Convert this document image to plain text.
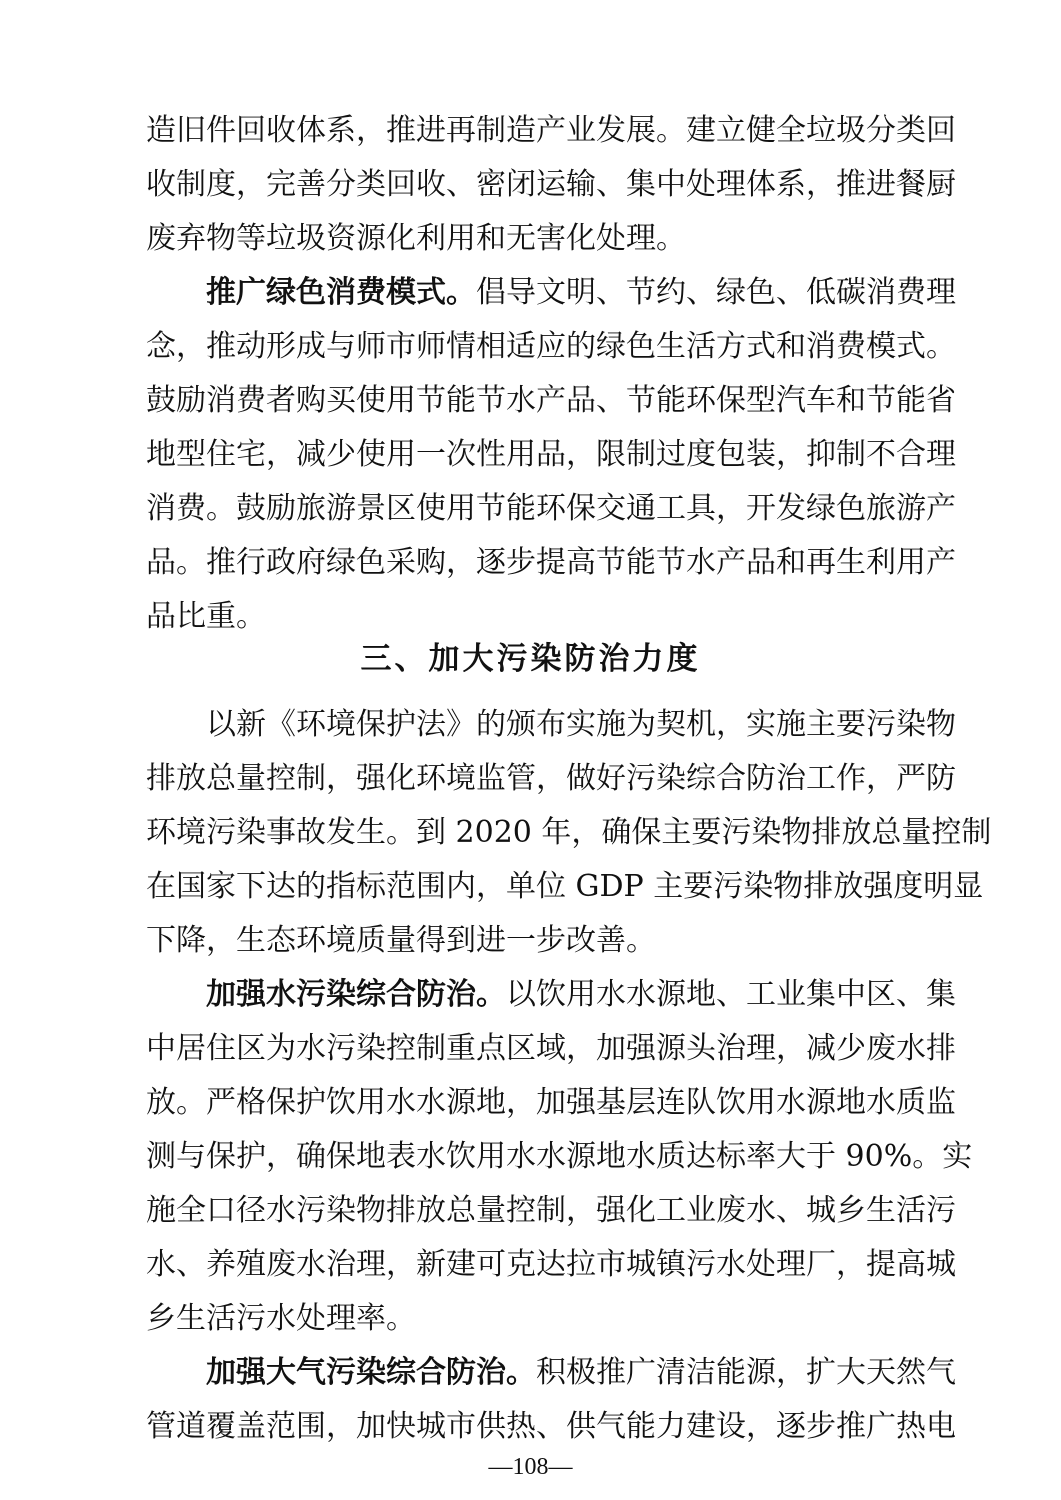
造旧件回收体系，推进再制造产业发展。建立健全垃圾分类回
收制度，完善分类回收、密闭运输、集中处理体系，推进餐厨
废弃物等垃圾资源化利用和无害化处理。
推广绿色消费模式。倡导文明、节约、绿色、低碳消费理
念，推动形成与师市师情相适应的绿色生活方式和消费模式。
鼓励消费者购买使用节能节水产品、节能环保型汽车和节能省
地型住宅，减少使用一次性用品，限制过度包装，抑制不合理
消费。鼓励旅游景区使用节能环保交通工具，开发绿色旅游产
品。推行政府绿色采购，逐步提高节能节水产品和再生利用产
品比重。
三、加大污染防治力度
以新《环境保护法》的颁布实施为契机，实施主要污染物
排放总量控制，强化环境监管，做好污染综合防治工作，严防
环境污染事故发生。到 2020 年，确保主要污染物排放总量控制
在国家下达的指标范围内，单位 GDP 主要污染物排放强度明显
下降，生态环境质量得到进一步改善。
加强水污染综合防治。以饮用水水源地、工业集中区、集
中居住区为水污染控制重点区域，加强源头治理，减少废水排
放。严格保护饮用水水源地，加强基层连队饮用水源地水质监
测与保护，确保地表水饮用水水源地水质达标率大于 90%。实
施全口径水污染物排放总量控制，强化工业废水、城乡生活污
水、养殖废水治理，新建可克达拉市城镇污水处理厂，提高城
乡生活污水处理率。
加强大气污染综合防治。积极推广清洁能源，扩大天然气
管道覆盖范围，加快城市供热、供气能力建设，逐步推广热电
—108—
